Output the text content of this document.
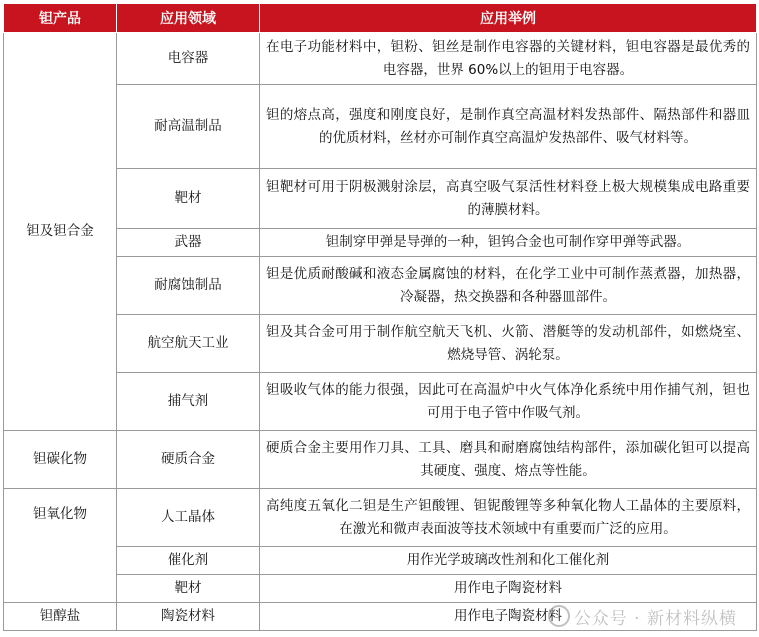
钽产品	应用领域	应用举例
钽及钽合金	电容器	在电子功能材料中，钽粉、钽丝是制作电容器的关键材料，钽电容器是最优秀的电容器，世界 60%以上的钽用于电容器。
	耐高温制品	钽的熔点高，强度和刚度良好，是制作真空高温材料发热部件、隔热部件和器皿的优质材料，丝材亦可制作真空高温炉发热部件、吸气材料等。
	靶材	钽靶材可用于阴极溅射涂层，高真空吸气泵活性材料登上极大规模集成电路重要的薄膜材料。
	武器	钽制穿甲弹是导弹的一种，钽钨合金也可制作穿甲弹等武器。
	耐腐蚀制品	钽是优质耐酸碱和液态金属腐蚀的材料，在化学工业中可制作蒸煮器，加热器，冷凝器，热交换器和各种器皿部件。
	航空航天工业	钽及其合金可用于制作航空航天飞机、火箭、潜艇等的发动机部件，如燃烧室、燃烧导管、涡轮泵。
	捕气剂	钽吸收气体的能力很强，因此可在高温炉中火气体净化系统中用作捕气剂，钽也可用于电子管中作吸气剂。
钽碳化物	硬质合金	硬质合金主要用作刀具、工具、磨具和耐磨腐蚀结构部件，添加碳化钽可以提高其硬度、强度、熔点等性能。
钽氧化物	人工晶体	高纯度五氧化二钽是生产钽酸锂、钽铌酸锂等多种氧化物人工晶体的主要原料，在激光和微声表面波等技术领域中有重要而广泛的应用。
	催化剂	用作光学玻璃改性剂和化工催化剂
	靶材	用作电子陶瓷材料
钽醇盐	陶瓷材料	用作电子陶瓷材料 公众号 · 新材料纵横
